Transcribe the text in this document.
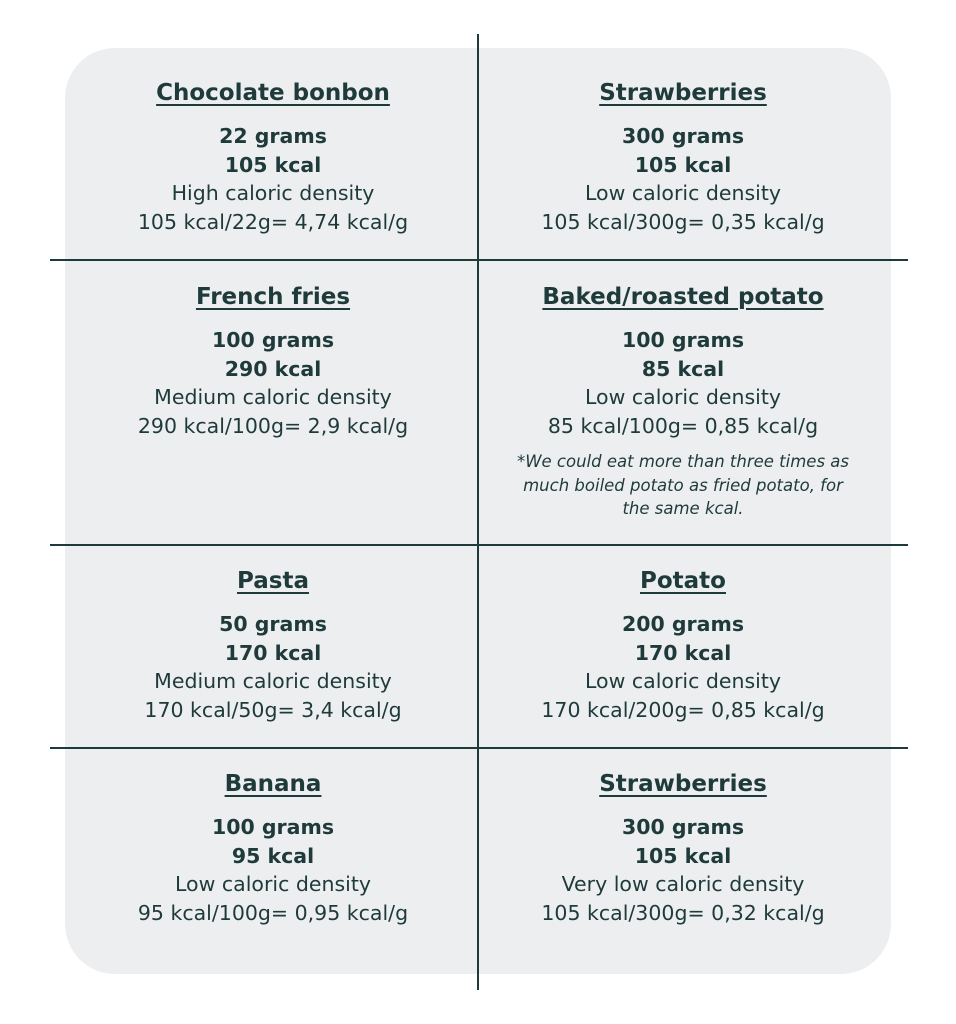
Chocolate bonbon
22 grams
105 kcal
High caloric density
105 kcal/22g= 4,74 kcal/g
Strawberries
300 grams
105 kcal
Low caloric density
105 kcal/300g= 0,35 kcal/g
French fries
100 grams
290 kcal
Medium caloric density
290 kcal/100g= 2,9 kcal/g
Baked/roasted potato
100 grams
85 kcal
Low caloric density
85 kcal/100g= 0,85 kcal/g
*We could eat more than three times as much boiled potato as fried potato, for the same kcal.
Pasta
50 grams
170 kcal
Medium caloric density
170 kcal/50g= 3,4 kcal/g
Potato
200 grams
170 kcal
Low caloric density
170 kcal/200g= 0,85 kcal/g
Banana
100 grams
95 kcal
Low caloric density
95 kcal/100g= 0,95 kcal/g
Strawberries
300 grams
105 kcal
Very low caloric density
105 kcal/300g= 0,32 kcal/g
